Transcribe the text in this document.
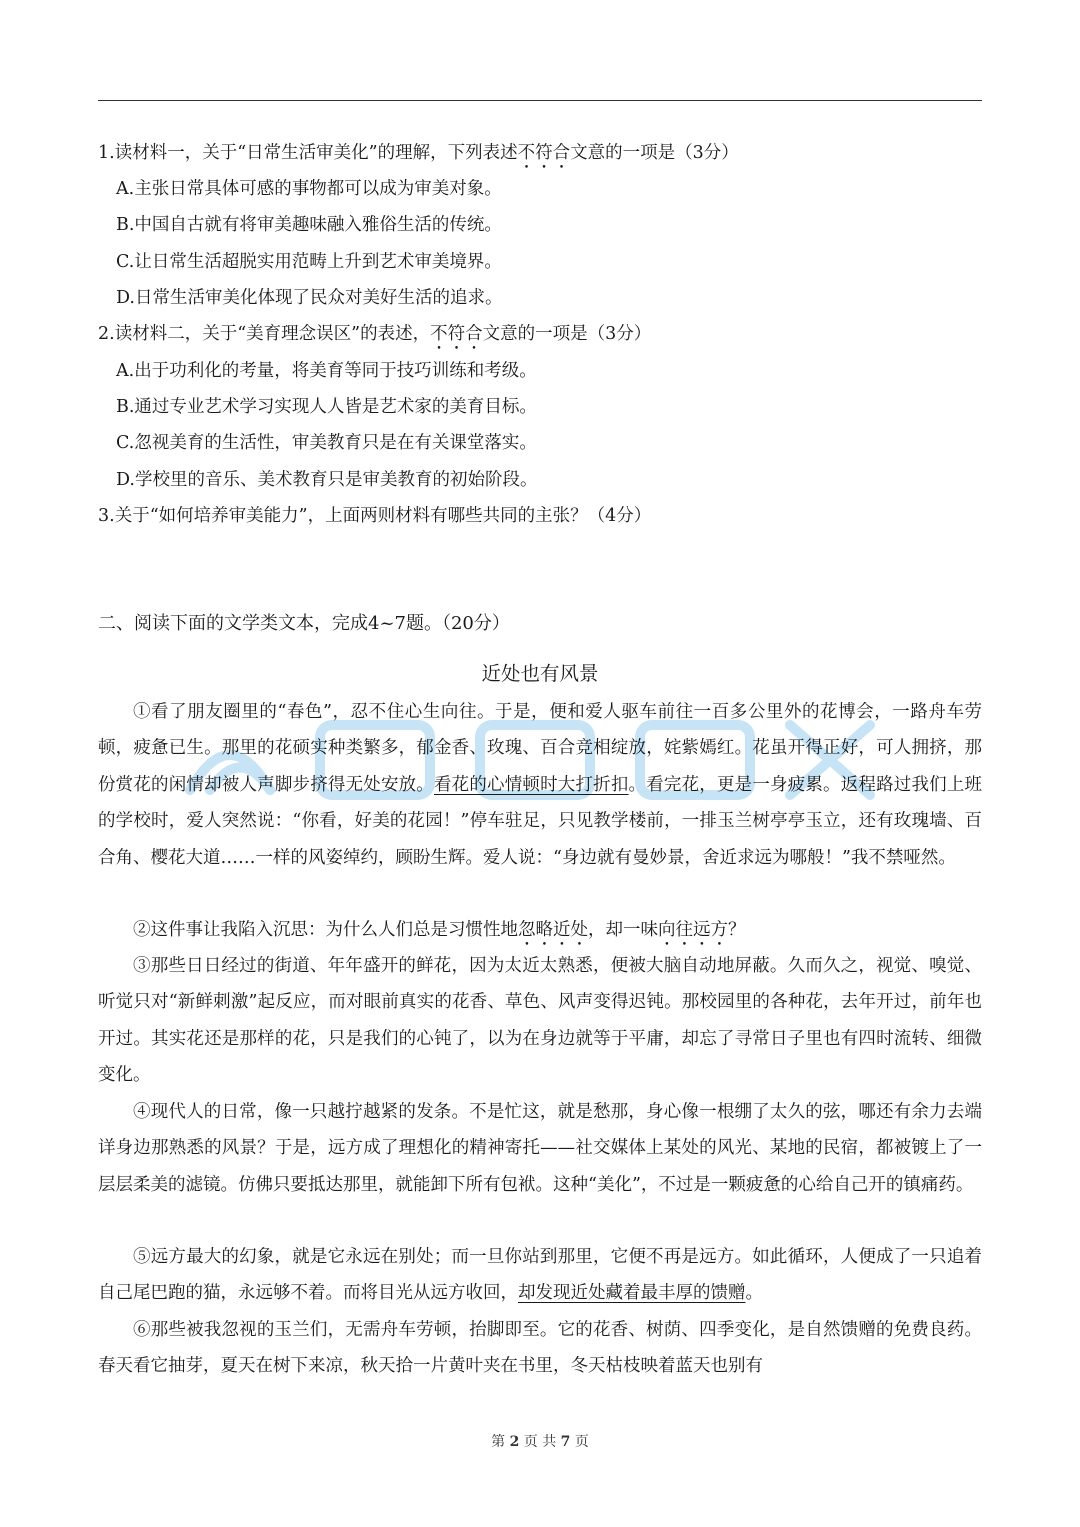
1.读材料一，关于“日常生活审美化”的理解，下列表述不符合文意的一项是（3分）
A.主张日常具体可感的事物都可以成为审美对象。
B.中国自古就有将审美趣味融入雅俗生活的传统。
C.让日常生活超脱实用范畴上升到艺术审美境界。
D.日常生活审美化体现了民众对美好生活的追求。
2.读材料二，关于“美育理念误区”的表述，不符合文意的一项是（3分）
A.出于功利化的考量，将美育等同于技巧训练和考级。
B.通过专业艺术学习实现人人皆是艺术家的美育目标。
C.忽视美育的生活性，审美教育只是在有关课堂落实。
D.学校里的音乐、美术教育只是审美教育的初始阶段。
3.关于“如何培养审美能力”，上面两则材料有哪些共同的主张？（4分）
二、阅读下面的文学类文本，完成4~7题。（20分）
近处也有风景
①看了朋友圈里的“春色”，忍不住心生向往。于是，便和爱人驱车前往一百多公里外的花博会，一路舟车劳顿，疲惫已生。那里的花硕实种类繁多，郁金香、玫瑰、百合竞相绽放，姹紫嫣红。花虽开得正好，可人拥挤，那份赏花的闲情却被人声脚步挤得无处安放。看花的心情顿时大打折扣。看完花，更是一身疲累。返程路过我们上班的学校时，爱人突然说：“你看，好美的花园！”停车驻足，只见教学楼前，一排玉兰树亭亭玉立，还有玫瑰墙、百合角、樱花大道……一样的风姿绰约，顾盼生辉。爱人说：“身边就有曼妙景，舍近求远为哪般！”我不禁哑然。
②这件事让我陷入沉思：为什么人们总是习惯性地忽略近处，却一味向往远方？
③那些日日经过的街道、年年盛开的鲜花，因为太近太熟悉，便被大脑自动地屏蔽。久而久之，视觉、嗅觉、听觉只对“新鲜刺激”起反应，而对眼前真实的花香、草色、风声变得迟钝。那校园里的各种花，去年开过，前年也开过。其实花还是那样的花，只是我们的心钝了，以为在身边就等于平庸，却忘了寻常日子里也有四时流转、细微变化。
④现代人的日常，像一只越拧越紧的发条。不是忙这，就是愁那，身心像一根绷了太久的弦，哪还有余力去端详身边那熟悉的风景？于是，远方成了理想化的精神寄托——社交媒体上某处的风光、某地的民宿，都被镀上了一层层柔美的滤镜。仿佛只要抵达那里，就能卸下所有包袱。这种“美化”，不过是一颗疲惫的心给自己开的镇痛药。
⑤远方最大的幻象，就是它永远在别处；而一旦你站到那里，它便不再是远方。如此循环，人便成了一只追着自己尾巴跑的猫，永远够不着。而将目光从远方收回，却发现近处藏着最丰厚的馈赠。
⑥那些被我忽视的玉兰们，无需舟车劳顿，抬脚即至。它的花香、树荫、四季变化，是自然馈赠的免费良药。春天看它抽芽，夏天在树下来凉，秋天拾一片黄叶夹在书里，冬天枯枝映着蓝天也别有
第 2 页 共 7 页
